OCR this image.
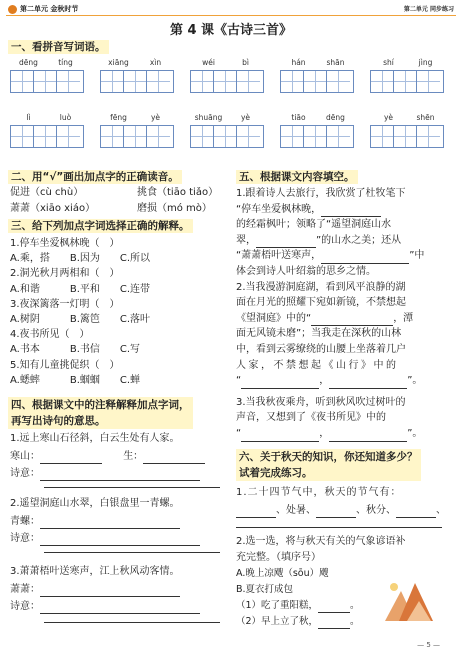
第二单元 金秋时节	第二单元 同步练习
第 4 课《古诗三首》
一、看拼音写词语。
dēng	tíng	xiāng	xìn	wéi	bì	hán	shān	shí	jìng
lì	luò	fēng	yè	shuāng	yè	tiāo	dēng	yè	shēn
二、用“√”画出加点字的正确读音。
促进（cù chù）	挑食（tiāo tiǎo）
萧萧（xiāo xiáo）	磨损（mó mò）
三、给下列加点字词选择正确的解释。
1.停车坐爱枫林晚（　）
A.乘，搭　　B.因为　　C.所以
2.洞光秋月两相和（　）
A.和谐　　　B.平和　　C.连带
3.夜深篱落一灯明（　）
A.树阴　　　B.篱笆　　C.落叶
4.夜书所见（　）
A.书本　　　B.书信　　C.写
5.知有儿童挑促织（　）
A.蟋蟀　　　B.蝈蝈　　C.蝉
四、根据课文中的注释解释加点字词，
再写出诗句的意思。
1.远上寒山石径斜，白云生处有人家。
寒山：	生：
诗意：
2.遥望洞庭山水翠，白银盘里一青螺。
青螺：
诗意：
3.萧萧梧叶送寒声，江上秋风动客情。
萧萧：
诗意：
五、根据课文内容填空。
1.跟着诗人去旅行，我欣赏了杜牧笔下
“停车坐爱枫林晚，
的经霜枫叶；领略了“遥望洞庭山水
翠，	”的山水之美；还从
“萧萧梧叶送寒声，	”中
体会到诗人叶绍翁的思乡之情。
2.当我漫游洞庭湖，看到风平浪静的湖
面在月光的照耀下宛如新镜，不禁想起
《望洞庭》中的“	，潭
面无风镜未磨”；当我走在深秋的山林
中，看到云雾缭绕的山腰上坐落着几户
人家，不禁想起《山行》中的
“	，	”。
3.当我秋夜乘舟，听到秋风吹过树叶的
声音，又想到了《夜书所见》中的
“	，	”。
六、关于秋天的知识，你还知道多少？
试着完成练习。
1.二十四节气中，秋天的节气有：
、处暑、	、秋分、	、
2.选一选，将与秋天有关的气象谚语补
充完整。（填序号）
A.晚上凉飕（sōu）飕
B.夏衣打成包
（1）吃了重阳糕，	。
（2）早上立了秋，	。
— 5 —
